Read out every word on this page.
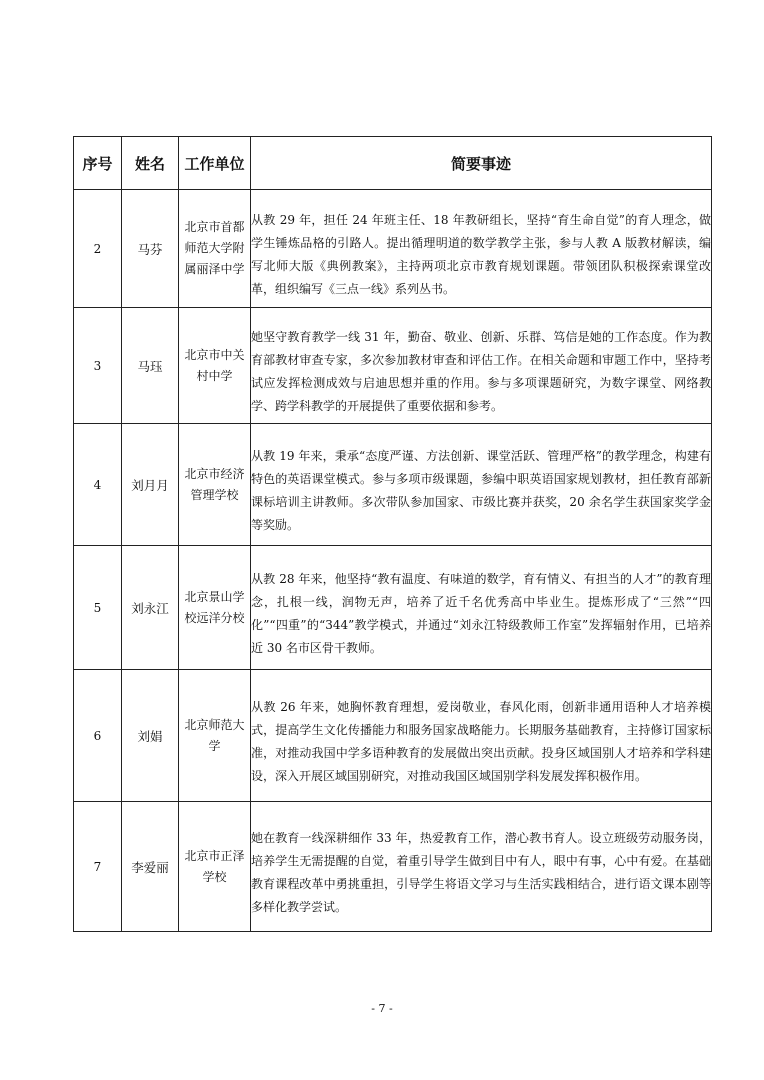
序号	姓名	工作单位	简要事迹
2	马芬	北京市首都师范大学附属丽泽中学	从教 29 年，担任 24 年班主任、18 年教研组长，坚持“育生命自觉”的育人理念，做学生锤炼品格的引路人。提出循理明道的数学教学主张，参与人教 A 版教材解读，编写北师大版《典例教案》，主持两项北京市教育规划课题。带领团队积极探索课堂改革，组织编写《三点一线》系列丛书。

3	马珏	北京市中关村中学	她坚守教育教学一线 31 年，勤奋、敬业、创新、乐群、笃信是她的工作态度。作为教育部教材审查专家，多次参加教材审查和评估工作。在相关命题和审题工作中，坚持考试应发挥检测成效与启迪思想并重的作用。参与多项课题研究，为数字课堂、网络教学、跨学科教学的开展提供了重要依据和参考。

4	刘月月	北京市经济管理学校	从教 19 年来，秉承“态度严谨、方法创新、课堂活跃、管理严格”的教学理念，构建有特色的英语课堂模式。参与多项市级课题，参编中职英语国家规划教材，担任教育部新课标培训主讲教师。多次带队参加国家、市级比赛并获奖，20 余名学生获国家奖学金等奖励。

5	刘永江	北京景山学校远洋分校	从教 28 年来，他坚持“教有温度、有味道的数学，育有情义、有担当的人才”的教育理念，扎根一线，润物无声，培养了近千名优秀高中毕业生。提炼形成了“三然”“四化”“四重”的“344”教学模式，并通过“刘永江特级教师工作室”发挥辐射作用，已培养近 30 名市区骨干教师。

6	刘娟	北京师范大学	从教 26 年来，她胸怀教育理想，爱岗敬业，春风化雨，创新非通用语种人才培养模式，提高学生文化传播能力和服务国家战略能力。长期服务基础教育，主持修订国家标准，对推动我国中学多语种教育的发展做出突出贡献。投身区域国别人才培养和学科建设，深入开展区域国别研究，对推动我国区域国别学科发展发挥积极作用。

7	李爱丽	北京市正泽学校	她在教育一线深耕细作 33 年，热爱教育工作，潜心教书育人。设立班级劳动服务岗，培养学生无需提醒的自觉，着重引导学生做到目中有人，眼中有事，心中有爱。在基础教育课程改革中勇挑重担，引导学生将语文学习与生活实践相结合，进行语文课本剧等多样化教学尝试。
- 7 -
